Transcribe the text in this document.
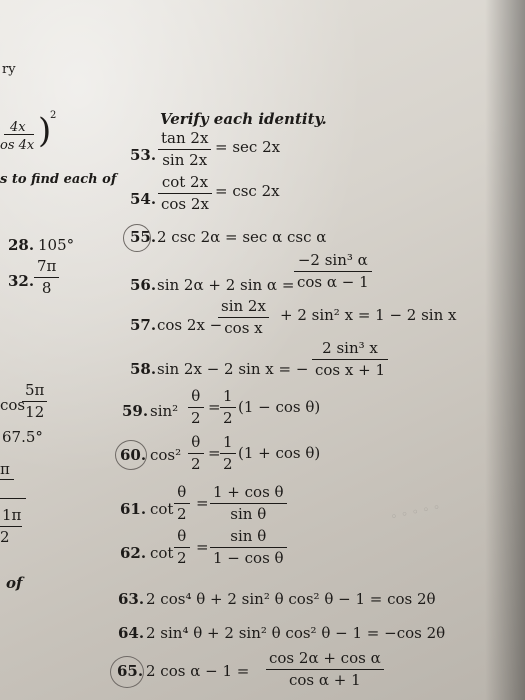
ry
4x
os 4x )
2
s to find each of
28. 105°
32.
7π
8
cos
5π
12
67.5°
π
1π
2
of
Verify each identity.
53.
tan 2x
sin 2x
= sec 2x
54.
cot 2x
cos 2x
= csc 2x
55. 2 csc 2α = sec α csc α
56. sin 2α + 2 sin α =
−2 sin³ α
cos α − 1
57. cos 2x −
sin 2x
cos x
+ 2 sin² x = 1 − 2 sin x
58. sin 2x − 2 sin x = −
2 sin³ x
cos x + 1
59. sin²
θ
2
=
1
2
(1 − cos θ)
60. cos²
θ
2
=
1
2
(1 + cos θ)
61. cot
θ
2
=
1 + cos θ
sin θ	◦ ◦ ◦ ◦ ◦
62. cot
θ
2
=
sin θ
1 − cos θ
63. 2 cos⁴ θ + 2 sin² θ cos² θ − 1 = cos 2θ
64. 2 sin⁴ θ + 2 sin² θ cos² θ − 1 = −cos 2θ
65. 2 cos α − 1 =
cos 2α + cos α
cos α + 1
